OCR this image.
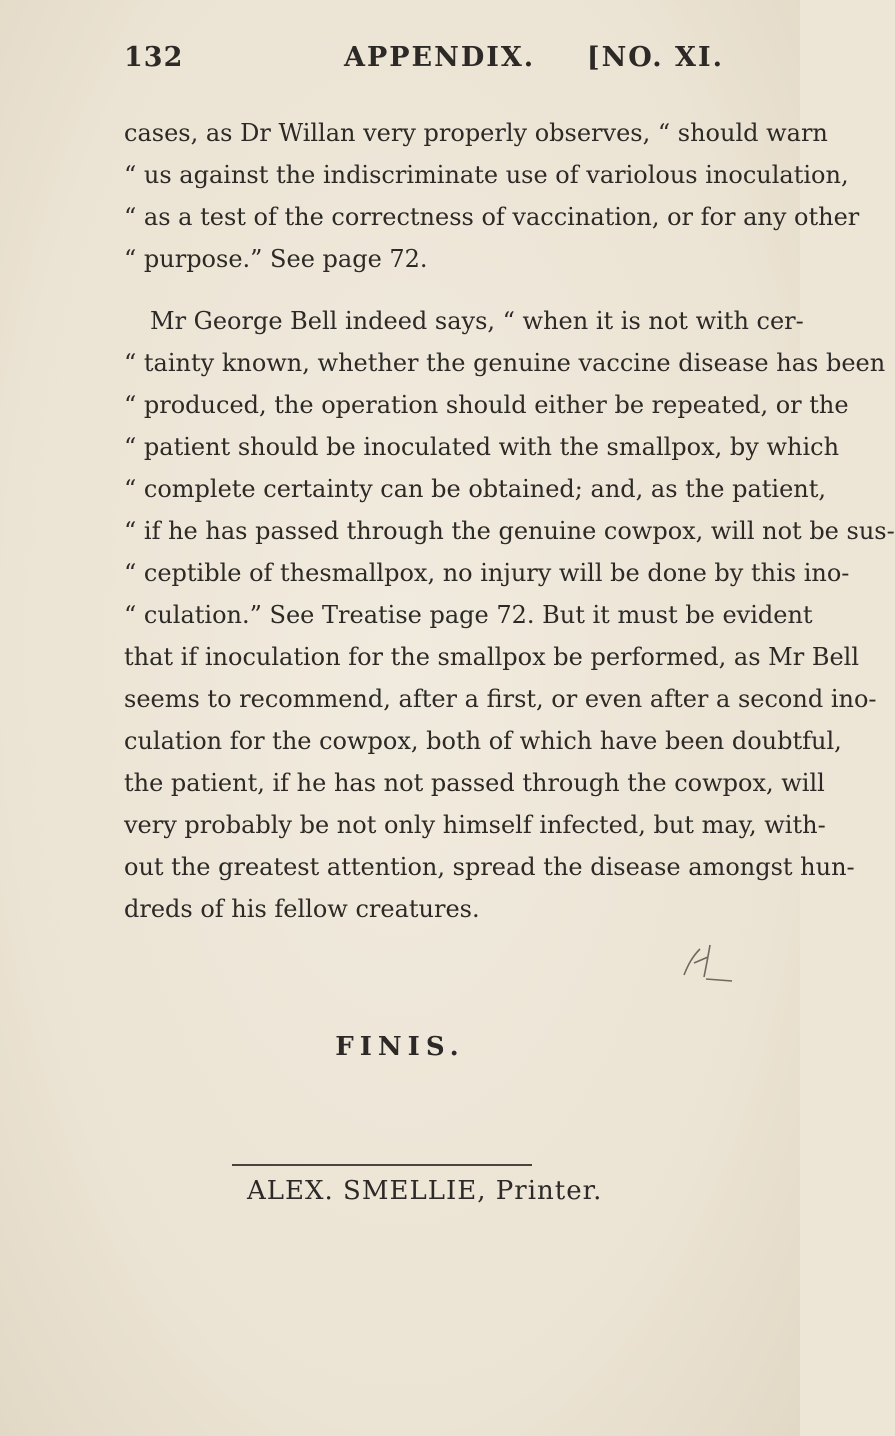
132	APPENDIX. [NO. XI.
cases, as Dr Willan very properly observes, “ should warn
“ us against the indiscriminate use of variolous inoculation,
“ as a test of the correctness of vaccination, or for any other
“ purpose.” See page 72.
Mr George Bell indeed says, “ when it is not with cer-
“ tainty known, whether the genuine vaccine disease has been
“ produced, the operation should either be repeated, or the
“ patient should be inoculated with the smallpox, by which
“ complete certainty can be obtained; and, as the patient,
“ if he has passed through the genuine cowpox, will not be sus-
“ ceptible of thesmallpox, no injury will be done by this ino-
“ culation.” See Treatise page 72. But it must be evident
that if inoculation for the smallpox be performed, as Mr Bell
seems to recommend, after a first, or even after a second ino-
culation for the cowpox, both of which have been doubtful,
the patient, if he has not passed through the cowpox, will
very probably be not only himself infected, but may, with-
out the greatest attention, spread the disease amongst hun-
dreds of his fellow creatures.
FINIS.
ALEX. SMELLIE, Printer.
